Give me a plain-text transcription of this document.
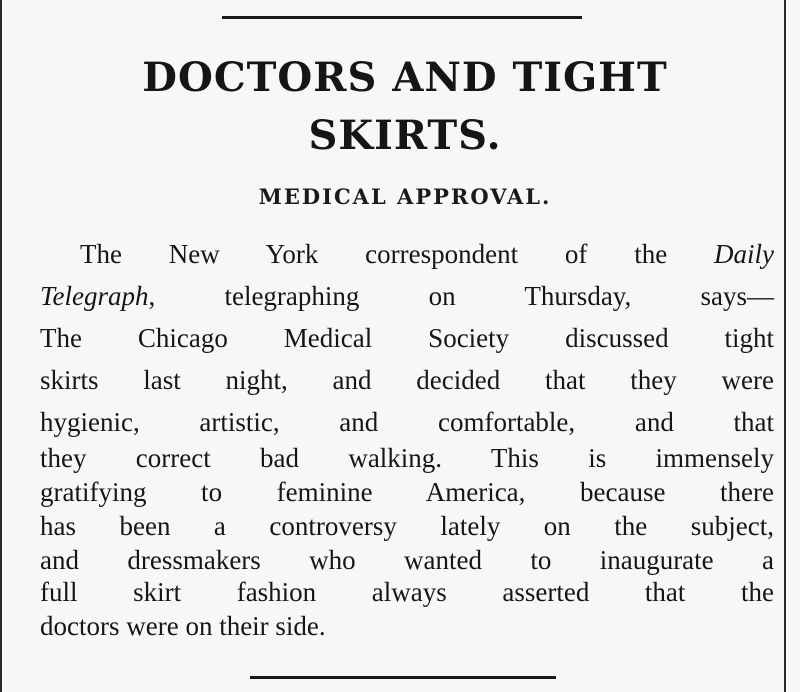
DOCTORS AND TIGHT
SKIRTS.
MEDICAL APPROVAL.

The New York correspondent of the Daily

Telegraph, telegraphing on Thursday, says—

The Chicago Medical Society discussed tight

skirts last night, and decided that they were

hygienic, artistic, and comfortable, and that

they correct bad walking. This is immensely

gratifying to feminine America, because there

has been a controversy lately on the subject,

and dressmakers who wanted to inaugurate a

full skirt fashion always asserted that the

doctors were on their side.
